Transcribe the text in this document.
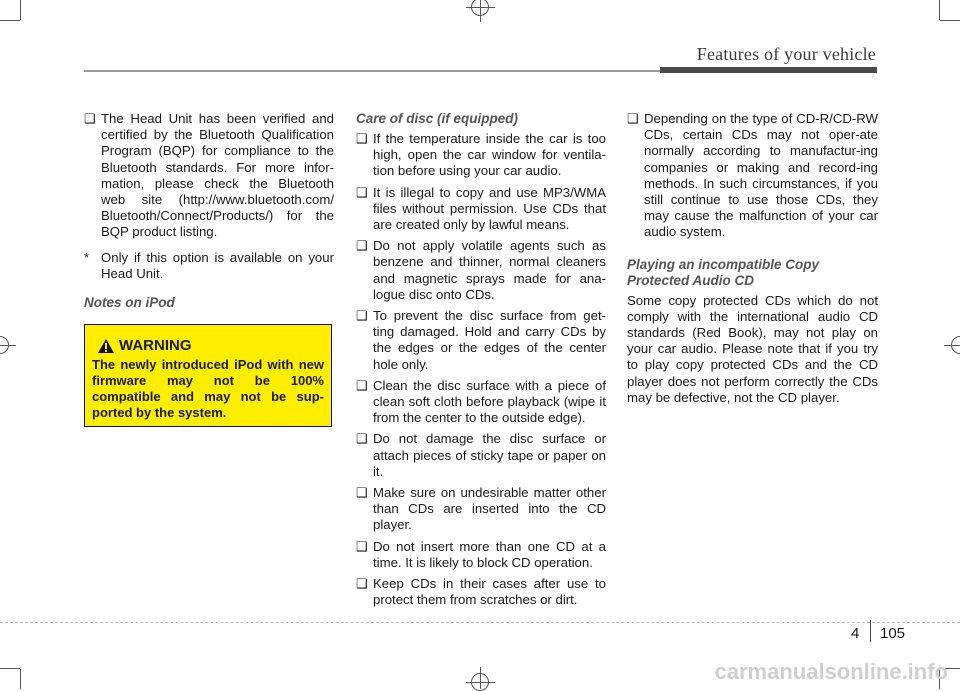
Features of your vehicle
❑ The Head Unit has been verified and certified by the Bluetooth Qualification Program (BQP) for compliance to the Bluetooth standards. For more infor-mation, please check the Bluetooth web site (http://www.bluetooth.com/ Bluetooth/Connect/Products/) for the BQP product listing.
* Only if this option is available on your Head Unit.
Notes on iPod
WARNING
The newly introduced iPod with new firmware may not be 100% compatible and may not be sup-ported by the system.
Care of disc (if equipped)
❑ If the temperature inside the car is too high, open the car window for ventila-tion before using your car audio.
❑ It is illegal to copy and use MP3/WMA files without permission. Use CDs that are created only by lawful means.
❑ Do not apply volatile agents such as benzene and thinner, normal cleaners and magnetic sprays made for ana-logue disc onto CDs.
❑ To prevent the disc surface from get-ting damaged. Hold and carry CDs by the edges or the edges of the center hole only.
❑ Clean the disc surface with a piece of clean soft cloth before playback (wipe it from the center to the outside edge).
❑ Do not damage the disc surface or attach pieces of sticky tape or paper on it.
❑ Make sure on undesirable matter other than CDs are inserted into the CD player.
❑ Do not insert more than one CD at a time. It is likely to block CD operation.
❑ Keep CDs in their cases after use to protect them from scratches or dirt.
❑ Depending on the type of CD-R/CD-RW CDs, certain CDs may not oper-ate normally according to manufactur-ing companies or making and record-ing methods. In such circumstances, if you still continue to use those CDs, they may cause the malfunction of your car audio system.
Playing an incompatible Copy Protected Audio CD

Some copy protected CDs which do not comply with the international audio CD standards (Red Book), may not play on your car audio. Please note that if you try to play copy protected CDs and the CD player does not perform correctly the CDs may be defective, not the CD player.

4 105
carmanualsonline.info
